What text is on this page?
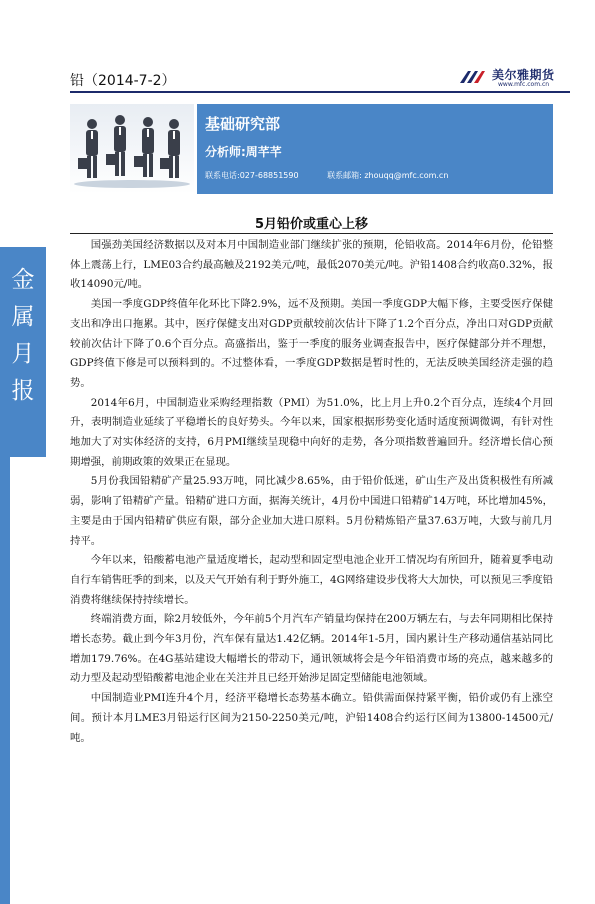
铅（2014-7-2）	美尔雅期货
www.mfc.com.cn
基础研究部
分析师:周芊芊
联系电话:027-68851590	联系邮箱: zhouqq@mfc.com.cn
5月铅价或重心上移
金
属
月
报

国强劲美国经济数据以及对本月中国制造业部门继续扩张的预期，伦铅收高。2014年6月份，伦铅整体上震荡上行，LME03合约最高触及2192美元/吨，最低2070美元/吨。沪铅1408合约收高0.32%，报收14090元/吨。

美国一季度GDP终值年化环比下降2.9%，远不及预期。美国一季度GDP大幅下修，主要受医疗保健支出和净出口拖累。其中，医疗保健支出对GDP贡献较前次估计下降了1.2个百分点，净出口对GDP贡献较前次估计下降了0.6个百分点。高盛指出，鉴于一季度的服务业调查报告中，医疗保健部分并不理想，GDP终值下修是可以预料到的。不过整体看，一季度GDP数据是暂时性的，无法反映美国经济走强的趋势。

2014年6月，中国制造业采购经理指数（PMI）为51.0%，比上月上升0.2个百分点，连续4个月回升，表明制造业延续了平稳增长的良好势头。今年以来，国家根据形势变化适时适度预调微调，有针对性地加大了对实体经济的支持，6月PMI继续呈现稳中向好的走势，各分项指数普遍回升。经济增长信心预期增强，前期政策的效果正在显现。

5月份我国铅精矿产量25.93万吨，同比减少8.65%，由于铅价低迷，矿山生产及出货积极性有所减弱，影响了铅精矿产量。铅精矿进口方面，据海关统计，4月份中国进口铅精矿14万吨，环比增加45%，主要是由于国内铅精矿供应有限，部分企业加大进口原料。5月份精炼铅产量37.63万吨，大致与前几月持平。

今年以来，铅酸蓄电池产量适度增长，起动型和固定型电池企业开工情况均有所回升，随着夏季电动自行车销售旺季的到来，以及天气开始有利于野外施工，4G网络建设步伐将大大加快，可以预见三季度铅消费将继续保持持续增长。

终端消费方面，除2月较低外，今年前5个月汽车产销量均保持在200万辆左右，与去年同期相比保持增长态势。截止到今年3月份，汽车保有量达1.42亿辆。2014年1-5月，国内累计生产移动通信基站同比增加179.76%。在4G基站建设大幅增长的带动下，通讯领域将会是今年铅消费市场的亮点，越来越多的动力型及起动型铅酸蓄电池企业在关注并且已经开始涉足固定型储能电池领域。

中国制造业PMI连升4个月，经济平稳增长态势基本确立。铅供需面保持紧平衡，铅价或仍有上涨空间。预计本月LME3月铅运行区间为2150-2250美元/吨，沪铅1408合约运行区间为13800-14500元/吨。
